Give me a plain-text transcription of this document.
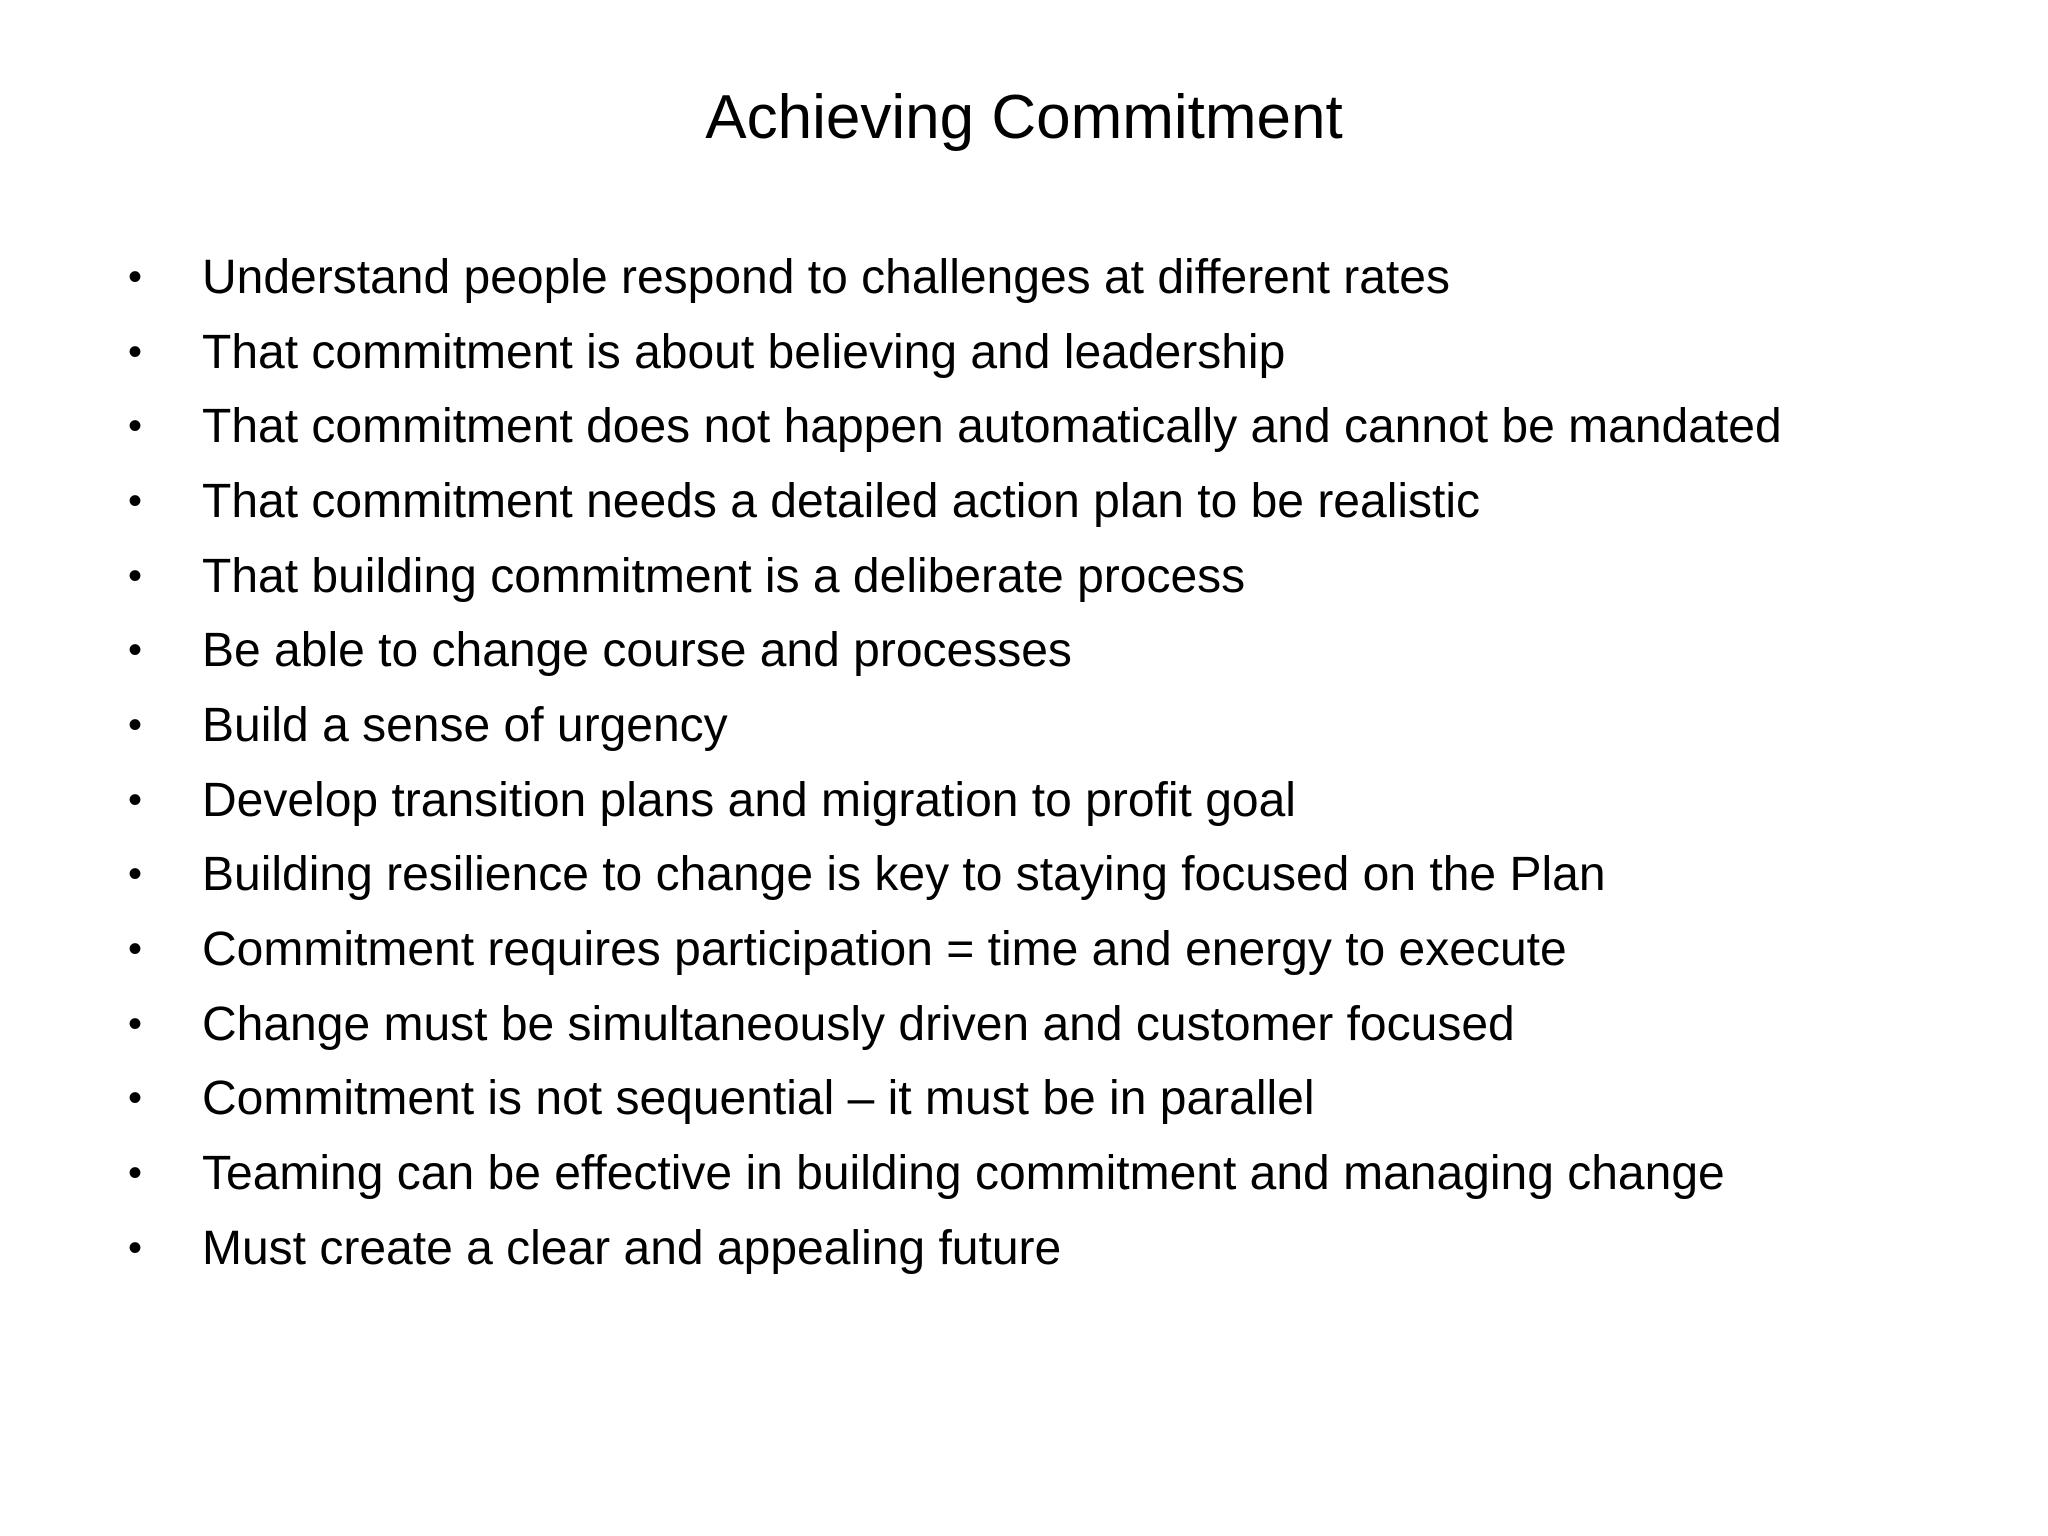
Achieving Commitment
• Understand people respond to challenges at different rates
• That commitment is about believing and leadership
• That commitment does not happen automatically and cannot be mandated
• That commitment needs a detailed action plan to be realistic
• That building commitment is a deliberate process
• Be able to change course and processes
• Build a sense of urgency
• Develop transition plans and migration to profit goal
• Building resilience to change is key to staying focused on the Plan
• Commitment requires participation = time and energy to execute
• Change must be simultaneously driven and customer focused
• Commitment is not sequential – it must be in parallel
• Teaming can be effective in building commitment and managing change
• Must create a clear and appealing future
